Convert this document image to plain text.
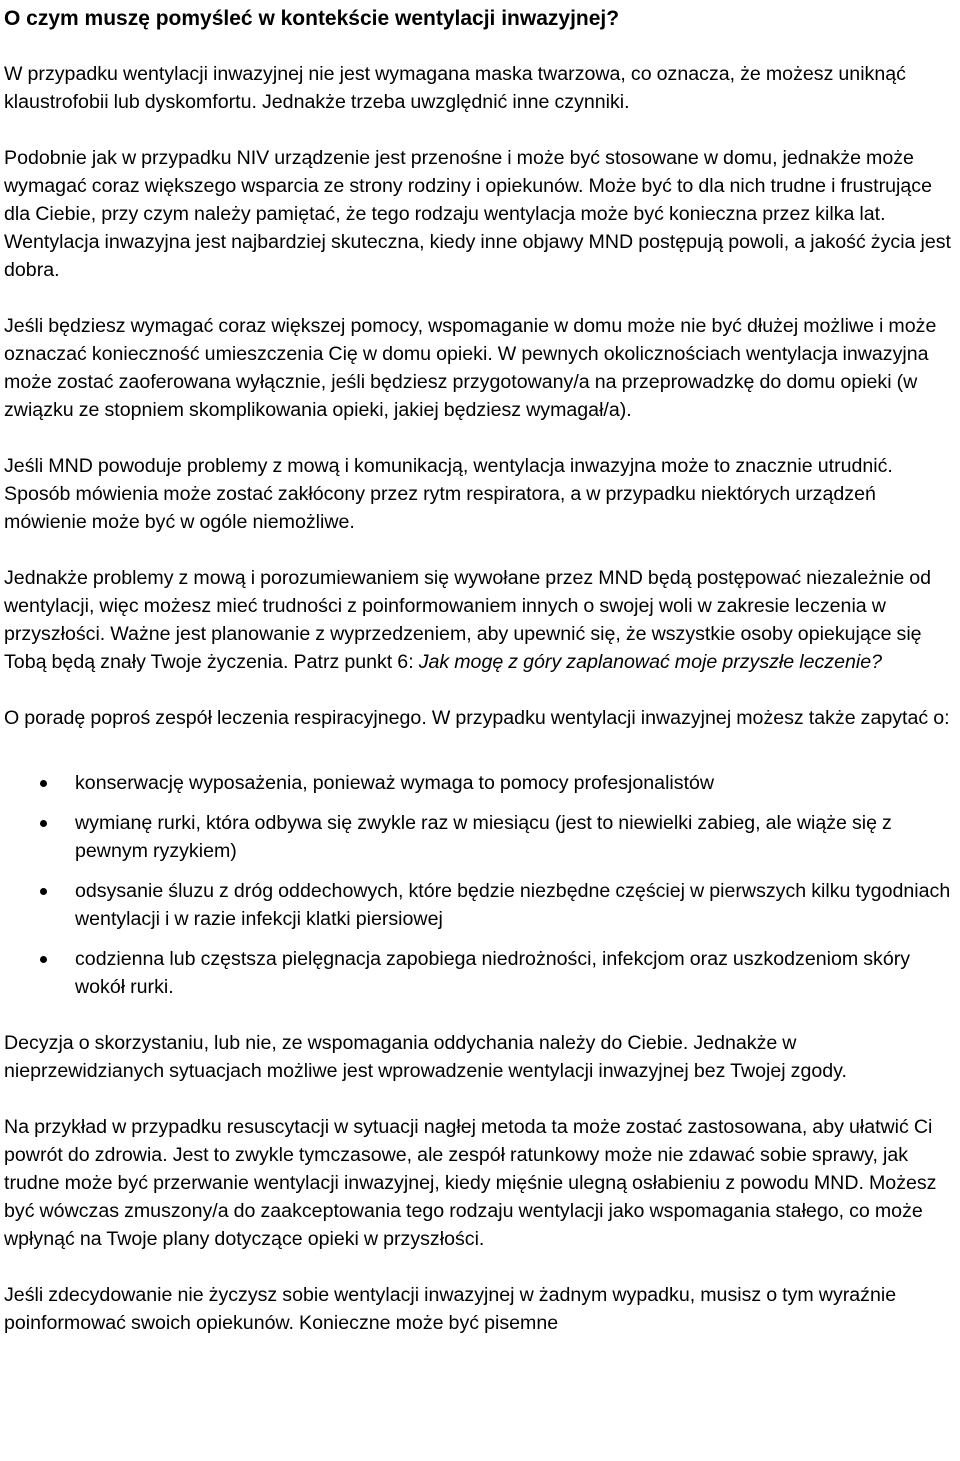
O czym muszę pomyśleć w kontekście wentylacji inwazyjnej?

W przypadku wentylacji inwazyjnej nie jest wymagana maska twarzowa, co oznacza, że możesz uniknąć klaustrofobii lub dyskomfortu. Jednakże trzeba uwzględnić inne czynniki.

Podobnie jak w przypadku NIV urządzenie jest przenośne i może być stosowane w domu, jednakże może wymagać coraz większego wsparcia ze strony rodziny i opiekunów. Może być to dla nich trudne i frustrujące dla Ciebie, przy czym należy pamiętać, że tego rodzaju wentylacja może być konieczna przez kilka lat. Wentylacja inwazyjna jest najbardziej skuteczna, kiedy inne objawy MND postępują powoli, a jakość życia jest dobra.

Jeśli będziesz wymagać coraz większej pomocy, wspomaganie w domu może nie być dłużej możliwe i może oznaczać konieczność umieszczenia Cię w domu opieki. W pewnych okolicznościach wentylacja inwazyjna może zostać zaoferowana wyłącznie, jeśli będziesz przygotowany/a na przeprowadzkę do domu opieki (w związku ze stopniem skomplikowania opieki, jakiej będziesz wymagał/a).

Jeśli MND powoduje problemy z mową i komunikacją, wentylacja inwazyjna może to znacznie utrudnić. Sposób mówienia może zostać zakłócony przez rytm respiratora, a w przypadku niektórych urządzeń mówienie może być w ogóle niemożliwe.

Jednakże problemy z mową i porozumiewaniem się wywołane przez MND będą postępować niezależnie od wentylacji, więc możesz mieć trudności z poinformowaniem innych o swojej woli w zakresie leczenia w przyszłości. Ważne jest planowanie z wyprzedzeniem, aby upewnić się, że wszystkie osoby opiekujące się Tobą będą znały Twoje życzenia. Patrz punkt 6: Jak mogę z góry zaplanować moje przyszłe leczenie?

O poradę poproś zespół leczenia respiracyjnego. W przypadku wentylacji inwazyjnej możesz także zapytać o:

konserwację wyposażenia, ponieważ wymaga to pomocy profesjonalistów
wymianę rurki, która odbywa się zwykle raz w miesiącu (jest to niewielki zabieg, ale wiąże się z pewnym ryzykiem)
odsysanie śluzu z dróg oddechowych, które będzie niezbędne częściej w pierwszych kilku tygodniach wentylacji i w razie infekcji klatki piersiowej
codzienna lub częstsza pielęgnacja zapobiega niedrożności, infekcjom oraz uszkodzeniom skóry wokół rurki.

Decyzja o skorzystaniu, lub nie, ze wspomagania oddychania należy do Ciebie. Jednakże w nieprzewidzianych sytuacjach możliwe jest wprowadzenie wentylacji inwazyjnej bez Twojej zgody.

Na przykład w przypadku resuscytacji w sytuacji nagłej metoda ta może zostać zastosowana, aby ułatwić Ci powrót do zdrowia. Jest to zwykle tymczasowe, ale zespół ratunkowy może nie zdawać sobie sprawy, jak trudne może być przerwanie wentylacji inwazyjnej, kiedy mięśnie ulegną osłabieniu z powodu MND. Możesz być wówczas zmuszony/a do zaakceptowania tego rodzaju wentylacji jako wspomagania stałego, co może wpłynąć na Twoje plany dotyczące opieki w przyszłości.

Jeśli zdecydowanie nie życzysz sobie wentylacji inwazyjnej w żadnym wypadku, musisz o tym wyraźnie poinformować swoich opiekunów. Konieczne może być pisemne
